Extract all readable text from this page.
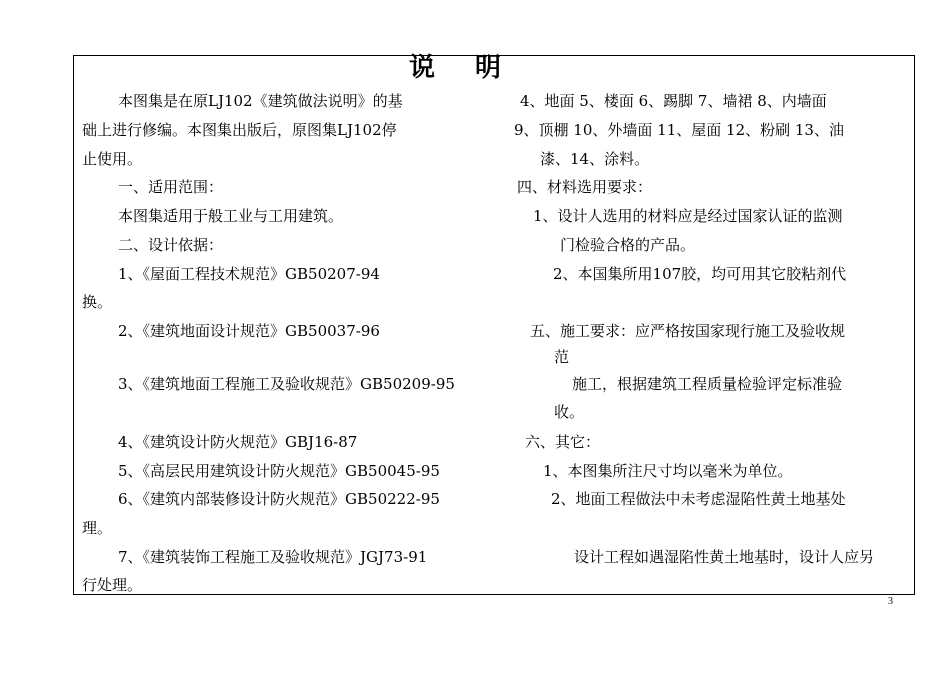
说明
本图集是在原LJ102《建筑做法说明》的基
础上进行修编。本图集出版后，原图集LJ102停
止使用。
一、适用范围：
本图集适用于般工业与工用建筑。
二、设计依据：
1、《屋面工程技术规范》GB50207-94
换。
2、《建筑地面设计规范》GB50037-96
3、《建筑地面工程施工及验收规范》GB50209-95
4、《建筑设计防火规范》GBJ16-87
5、《高层民用建筑设计防火规范》GB50045-95
6、《建筑内部装修设计防火规范》GB50222-95
理。
7、《建筑装饰工程施工及验收规范》JGJ73-91
行处理。
4、地面 5、楼面 6、踢脚 7、墙裙 8、内墙面
9、顶棚 10、外墙面 11、屋面 12、粉刷 13、油
漆、14、涂料。
四、材料选用要求：
1、设计人选用的材料应是经过国家认证的监测
门检验合格的产品。
2、本国集所用107胶，均可用其它胶粘剂代
五、施工要求：应严格按国家现行施工及验收规
范
施工，根据建筑工程质量检验评定标准验
收。
六、其它：
1、本图集所注尺寸均以毫米为单位。
2、地面工程做法中未考虑湿陷性黄土地基处
设计工程如遇湿陷性黄土地基时，设计人应另
3
